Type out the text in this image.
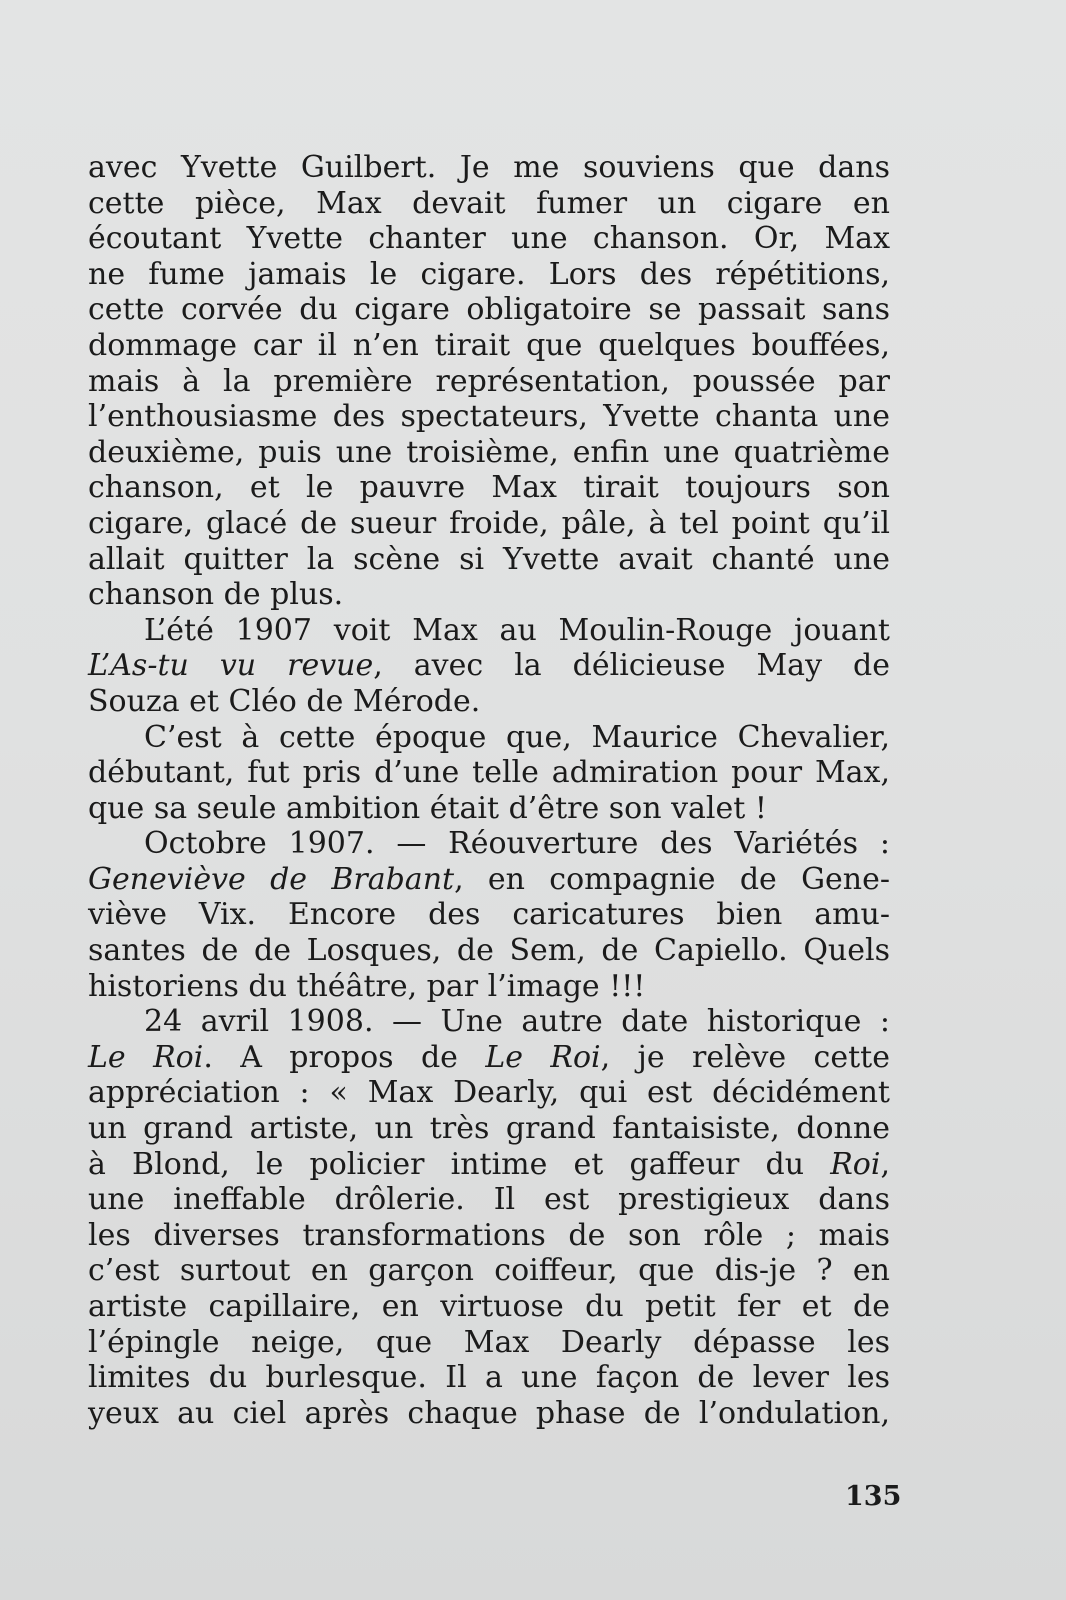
avec Yvette Guilbert. Je me souviens que dans
cette pièce, Max devait fumer un cigare en
écoutant Yvette chanter une chanson. Or, Max
ne fume jamais le cigare. Lors des répétitions,
cette corvée du cigare obligatoire se passait sans
dommage car il n’en tirait que quelques bouffées,
mais à la première représentation, poussée par
l’enthousiasme des spectateurs, Yvette chanta une
deuxième, puis une troisième, enfin une quatrième
chanson, et le pauvre Max tirait toujours son
cigare, glacé de sueur froide, pâle, à tel point qu’il
allait quitter la scène si Yvette avait chanté une
chanson de plus.
L’été 1907 voit Max au Moulin-Rouge jouant
L’As-tu vu revue, avec la délicieuse May de
Souza et Cléo de Mérode.
C’est à cette époque que, Maurice Chevalier,
débutant, fut pris d’une telle admiration pour Max,
que sa seule ambition était d’être son valet !
Octobre 1907. — Réouverture des Variétés :
Geneviève de Brabant, en compagnie de Gene-
viève Vix. Encore des caricatures bien amu-
santes de de Losques, de Sem, de Capiello. Quels
historiens du théâtre, par l’image !!!
24 avril 1908. — Une autre date historique :
Le Roi. A propos de Le Roi, je relève cette
appréciation : « Max Dearly, qui est décidément
un grand artiste, un très grand fantaisiste, donne
à Blond, le policier intime et gaffeur du Roi,
une ineffable drôlerie. Il est prestigieux dans
les diverses transformations de son rôle ; mais
c’est surtout en garçon coiffeur, que dis-je ? en
artiste capillaire, en virtuose du petit fer et de
l’épingle neige, que Max Dearly dépasse les
limites du burlesque. Il a une façon de lever les
yeux au ciel après chaque phase de l’ondulation,
135
